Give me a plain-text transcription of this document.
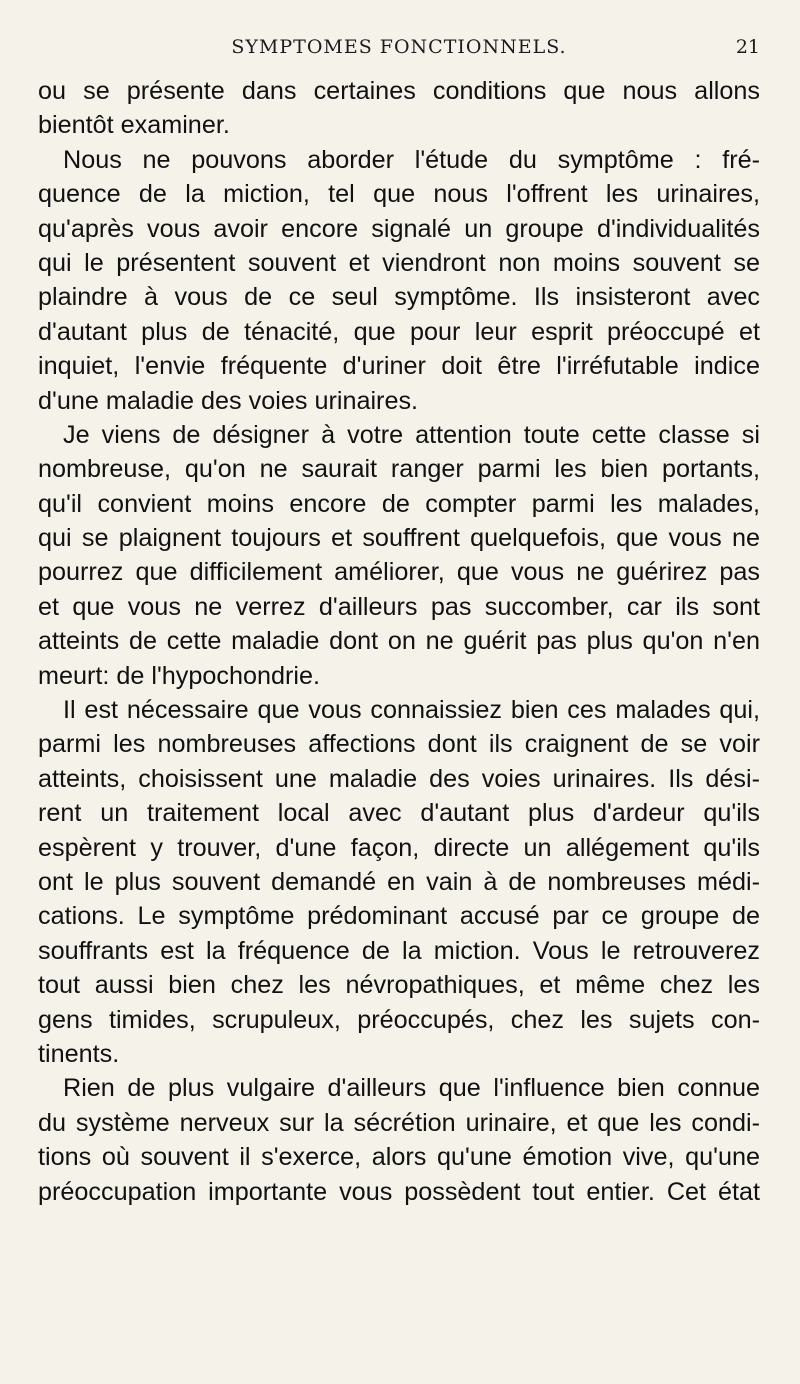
SYMPTOMES FONCTIONNELS.	21
ou se présente dans certaines conditions que nous allons
bientôt examiner.
Nous ne pouvons aborder l'étude du symptôme : fré-
quence de la miction, tel que nous l'offrent les urinaires,
qu'après vous avoir encore signalé un groupe d'individualités
qui le présentent souvent et viendront non moins souvent se
plaindre à vous de ce seul symptôme. Ils insisteront avec
d'autant plus de ténacité, que pour leur esprit préoccupé et
inquiet, l'envie fréquente d'uriner doit être l'irréfutable indice
d'une maladie des voies urinaires.
Je viens de désigner à votre attention toute cette classe si
nombreuse, qu'on ne saurait ranger parmi les bien portants,
qu'il convient moins encore de compter parmi les malades,
qui se plaignent toujours et souffrent quelquefois, que vous ne
pourrez que difficilement améliorer, que vous ne guérirez pas
et que vous ne verrez d'ailleurs pas succomber, car ils sont
atteints de cette maladie dont on ne guérit pas plus qu'on n'en
meurt: de l'hypochondrie.
Il est nécessaire que vous connaissiez bien ces malades qui,
parmi les nombreuses affections dont ils craignent de se voir
atteints, choisissent une maladie des voies urinaires. Ils dési-
rent un traitement local avec d'autant plus d'ardeur qu'ils
espèrent y trouver, d'une façon, directe un allégement qu'ils
ont le plus souvent demandé en vain à de nombreuses médi-
cations. Le symptôme prédominant accusé par ce groupe de
souffrants est la fréquence de la miction. Vous le retrouverez
tout aussi bien chez les névropathiques, et même chez les
gens timides, scrupuleux, préoccupés, chez les sujets con-
tinents.
Rien de plus vulgaire d'ailleurs que l'influence bien connue
du système nerveux sur la sécrétion urinaire, et que les condi-
tions où souvent il s'exerce, alors qu'une émotion vive, qu'une
préoccupation importante vous possèdent tout entier. Cet état
